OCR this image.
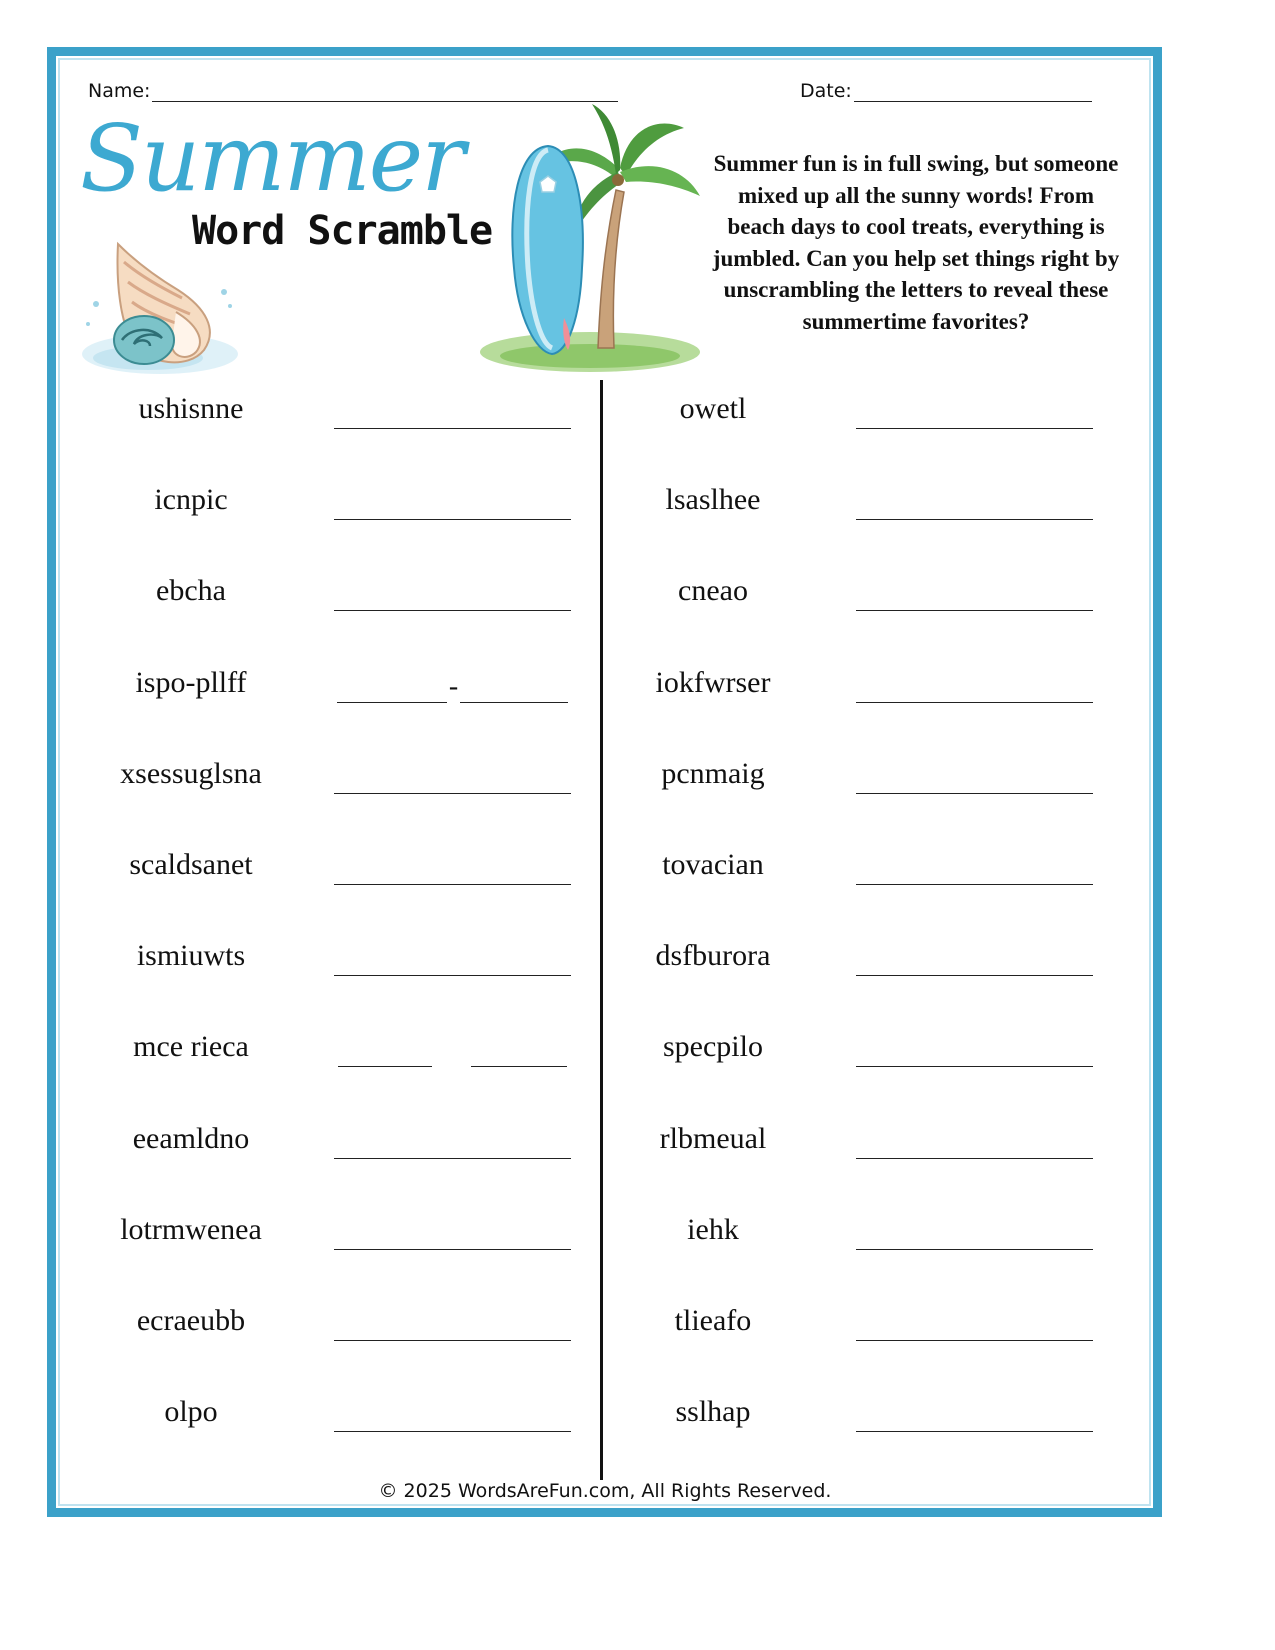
Name:	Date:
Summer
Word Scramble
Summer fun is in full swing, but someone mixed up all the sunny words! From beach days to cool treats, everything is jumbled. Can you help set things right by unscrambling the letters to reveal these summertime favorites?
ushisnne
icnpic
ebcha
ispo-pllff	-
xsessuglsna
scaldsanet
ismiuwts
mce rieca
eeamldno
lotrmwenea
ecraeubb
olpo
owetl
lsaslhee
cneao
iokfwrser
pcnmaig
tovacian
dsfburora
specpilo
rlbmeual
iehk
tlieafo
sslhap
© 2025 WordsAreFun.com, All Rights Reserved.
